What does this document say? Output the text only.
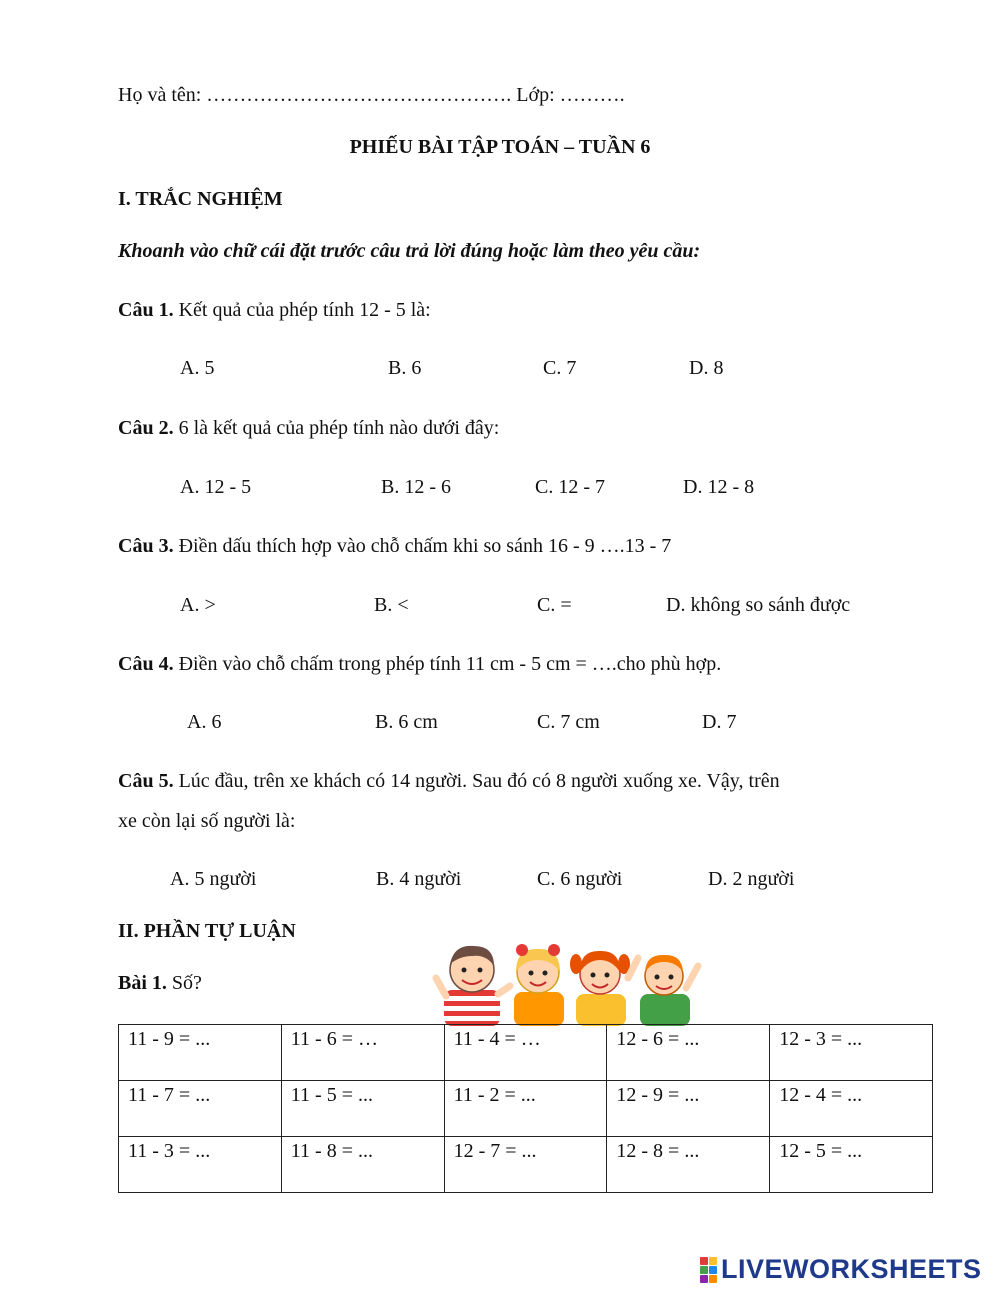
Họ và tên: ………………………………………. Lớp: ……….
PHIẾU BÀI TẬP TOÁN – TUẦN 6
I. TRẮC NGHIỆM
Khoanh vào chữ cái đặt trước câu trả lời đúng hoặc làm theo yêu cầu:
Câu 1. Kết quả của phép tính 12 - 5 là:
A. 5	B. 6	C. 7	D. 8
Câu 2. 6 là kết quả của phép tính nào dưới đây:
A. 12 - 5	B. 12 - 6	C. 12 - 7	D. 12 - 8
Câu 3. Điền dấu thích hợp vào chỗ chấm khi so sánh 16 - 9 ….13 - 7
A. >	B. <	C. =	D. không so sánh được
Câu 4. Điền vào chỗ chấm trong phép tính 11 cm - 5 cm = ….cho phù hợp.
A. 6	B. 6 cm	C. 7 cm	D. 7
Câu 5. Lúc đầu, trên xe khách có 14 người. Sau đó có 8 người xuống xe. Vậy, trên
xe còn lại số người là:
A. 5 người	B. 4 người	C. 6 người	D. 2 người
II. PHẦN TỰ LUẬN
Bài 1. Số?
11 - 9 = ...	11 - 6 = …	11 - 4 = …	12 - 6 = ...	12 - 3 = ...
11 - 7 = ...	11 - 5 = ...	11 - 2 = ...	12 - 9 = ...	12 - 4 = ...
11 - 3 = ...	11 - 8 = ...	12 - 7 = ...	12 - 8 = ...	12 - 5 = ...
LIVEWORKSHEETS
